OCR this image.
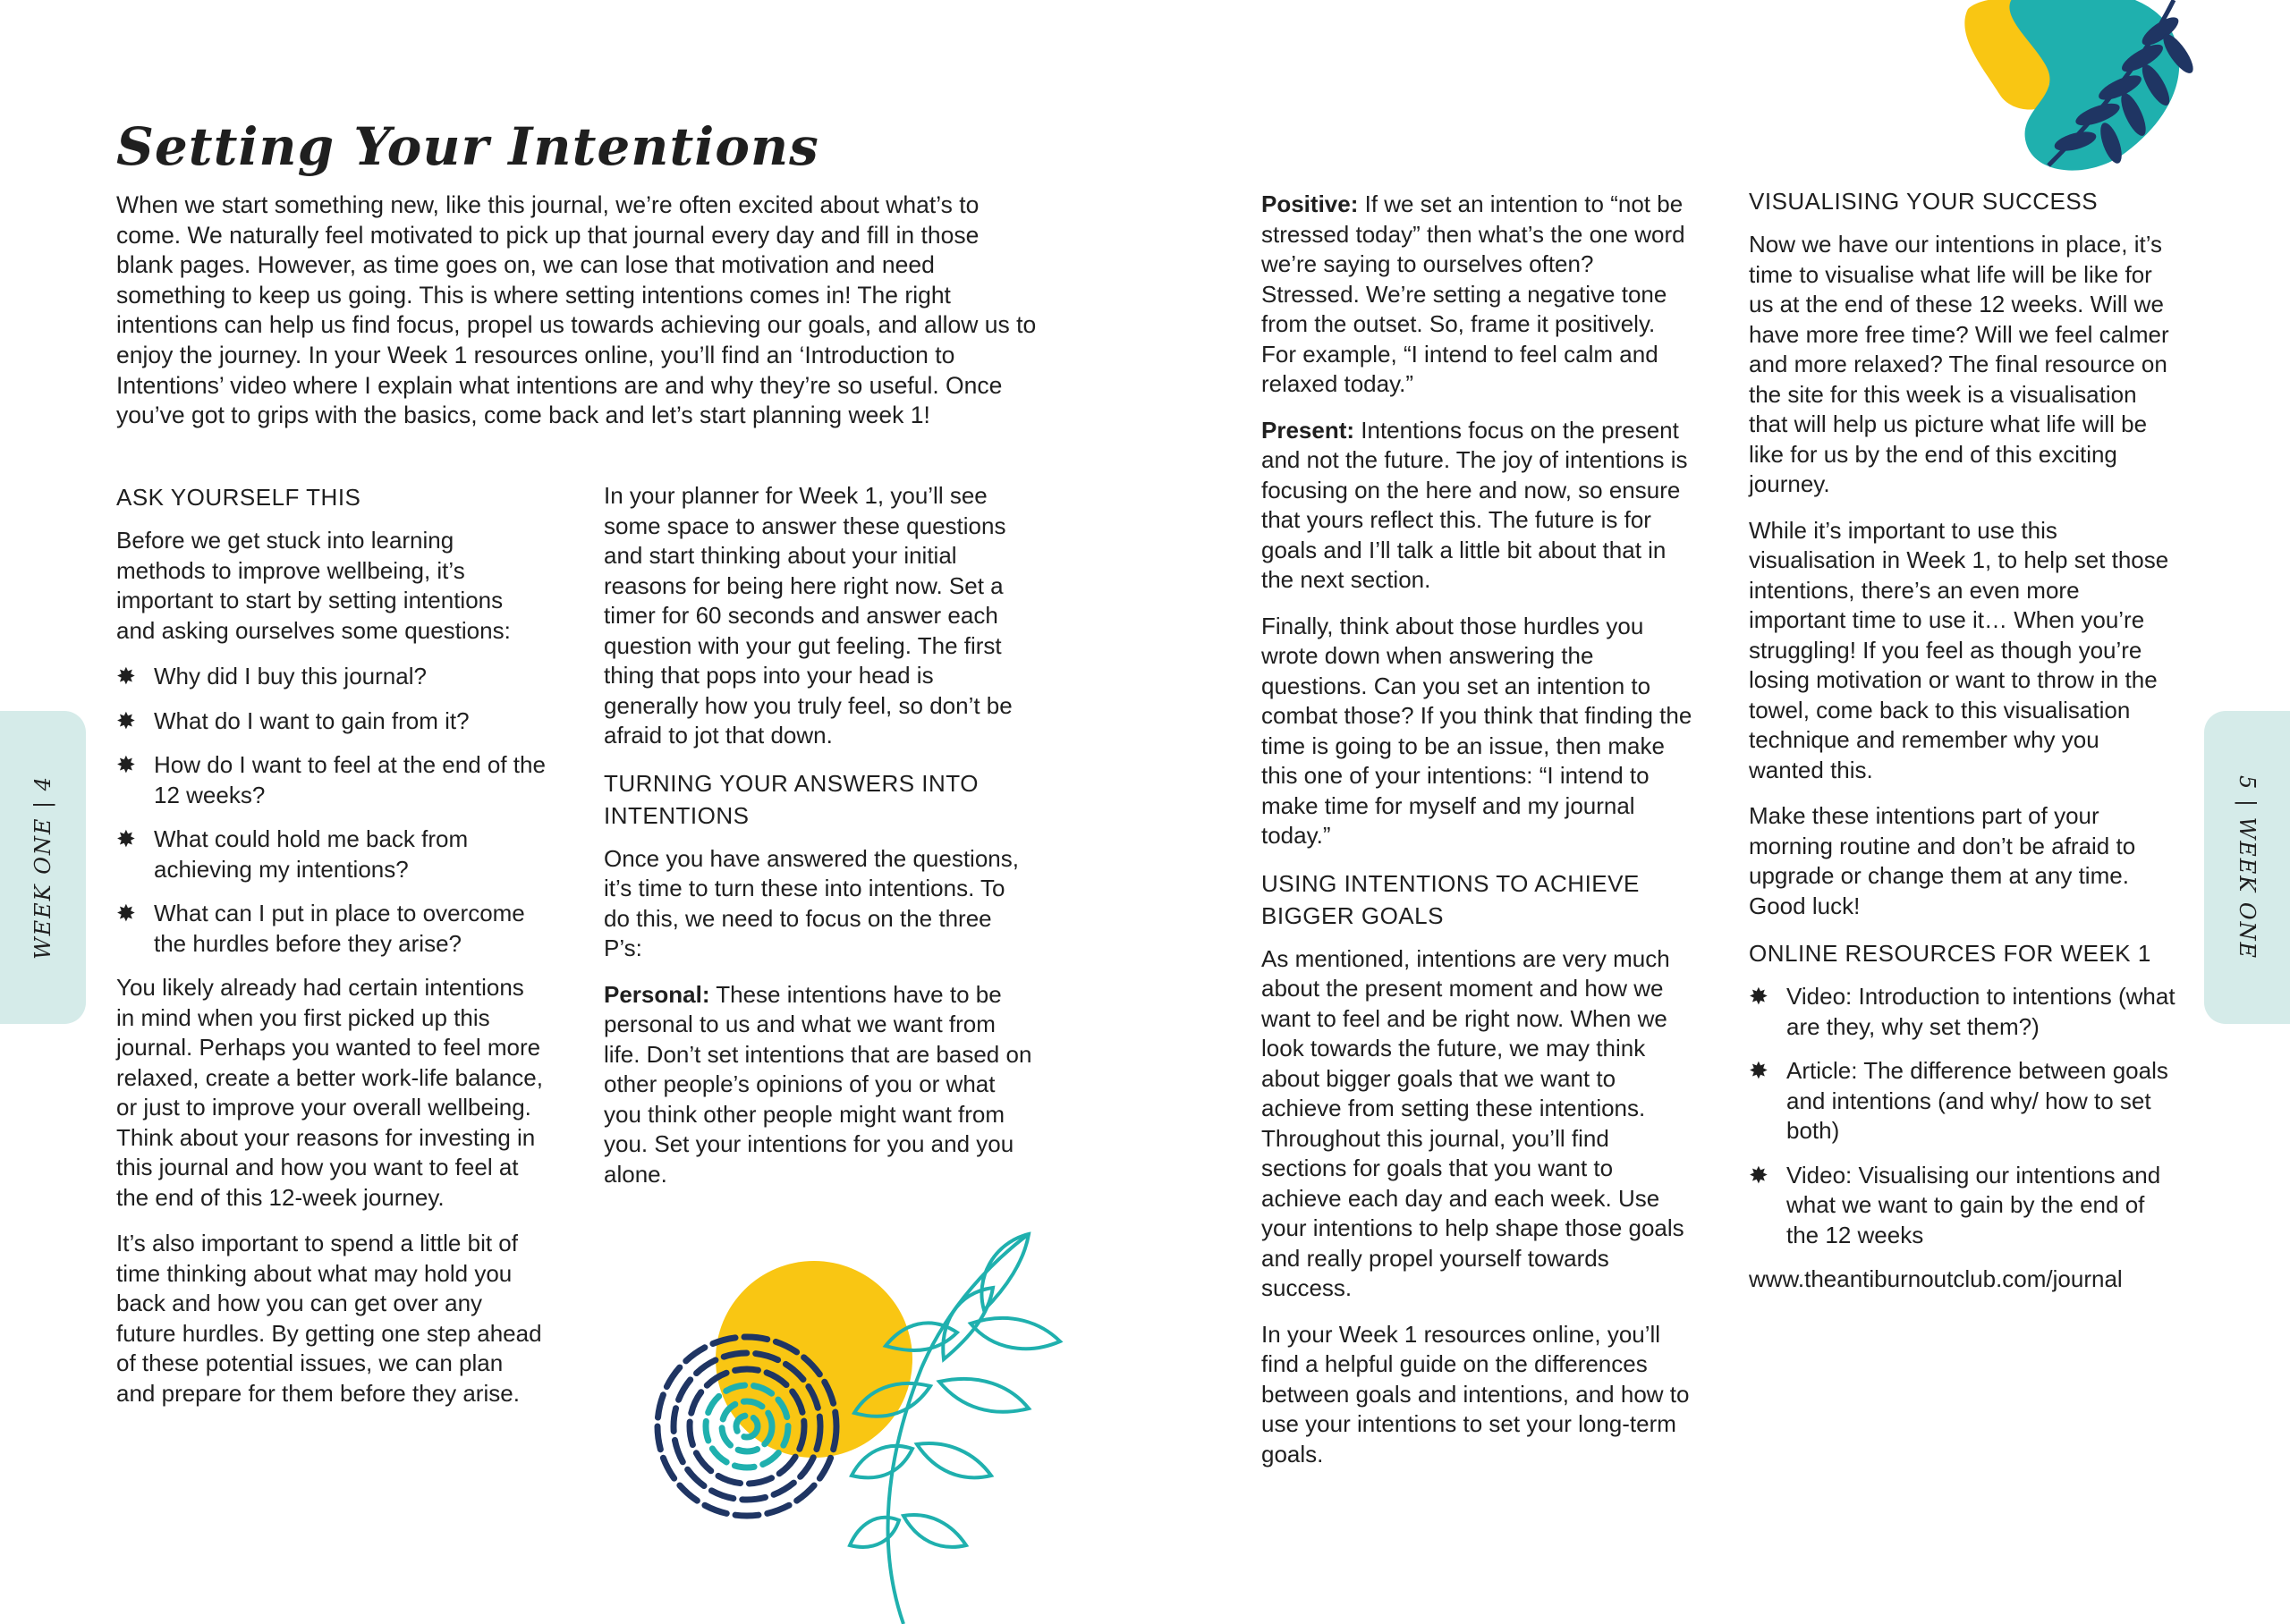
Setting Your Intentions

When we start something new, like this journal, we’re often excited about what’s to come. We naturally feel motivated to pick up that journal every day and fill in those blank pages. However, as time goes on, we can lose that motivation and need something to keep us going. This is where setting intentions comes in! The right intentions can help us find focus, propel us towards achieving our goals, and allow us to enjoy the journey. In your Week 1 resources online, you’ll find an ‘Introduction to Intentions’ video where I explain what intentions are and why they’re so useful. Once you’ve got to grips with the basics, come back and let’s start planning week 1!

ASK YOURSELF THIS

Before we get stuck into learning methods to improve wellbeing, it’s important to start by setting intentions and asking ourselves some questions:

✸ Why did I buy this journal?
✸ What do I want to gain from it?
✸ How do I want to feel at the end of the 12 weeks?
✸ What could hold me back from achieving my intentions?
✸ What can I put in place to overcome the hurdles before they arise?

You likely already had certain intentions in mind when you first picked up this journal. Perhaps you wanted to feel more relaxed, create a better work-life balance, or just to improve your overall wellbeing. Think about your reasons for investing in this journal and how you want to feel at the end of this 12-week journey.

It’s also important to spend a little bit of time thinking about what may hold you back and how you can get over any future hurdles. By getting one step ahead of these potential issues, we can plan and prepare for them before they arise.

In your planner for Week 1, you’ll see some space to answer these questions and start thinking about your initial reasons for being here right now. Set a timer for 60 seconds and answer each question with your gut feeling. The first thing that pops into your head is generally how you truly feel, so don’t be afraid to jot that down.

TURNING YOUR ANSWERS INTO INTENTIONS

Once you have answered the questions, it’s time to turn these into intentions. To do this, we need to focus on the three P’s:

Personal: These intentions have to be personal to us and what we want from life. Don’t set intentions that are based on other people’s opinions of you or what you think other people might want from you. Set your intentions for you and you alone.

Positive: If we set an intention to “not be stressed today” then what’s the one word we’re saying to ourselves often? Stressed. We’re setting a negative tone from the outset. So, frame it positively. For example, “I intend to feel calm and relaxed today.”

Present: Intentions focus on the present and not the future. The joy of intentions is focusing on the here and now, so ensure that yours reflect this. The future is for goals and I’ll talk a little bit about that in the next section.

Finally, think about those hurdles you wrote down when answering the questions. Can you set an intention to combat those? If you think that finding the time is going to be an issue, then make this one of your intentions: “I intend to make time for myself and my journal today.”

USING INTENTIONS TO ACHIEVE BIGGER GOALS

As mentioned, intentions are very much about the present moment and how we want to feel and be right now. When we look towards the future, we may think about bigger goals that we want to achieve from setting these intentions. Throughout this journal, you’ll find sections for goals that you want to achieve each day and each week. Use your intentions to help shape those goals and really propel yourself towards success.

In your Week 1 resources online, you’ll find a helpful guide on the differences between goals and intentions, and how to use your intentions to set your long-term goals.

VISUALISING YOUR SUCCESS

Now we have our intentions in place, it’s time to visualise what life will be like for us at the end of these 12 weeks. Will we have more free time? Will we feel calmer and more relaxed? The final resource on the site for this week is a visualisation that will help us picture what life will be like for us by the end of this exciting journey.

While it’s important to use this visualisation in Week 1, to help set those intentions, there’s an even more important time to use it… When you’re struggling! If you feel as though you’re losing motivation or want to throw in the towel, come back to this visualisation technique and remember why you wanted this.

Make these intentions part of your morning routine and don’t be afraid to upgrade or change them at any time. Good luck!

ONLINE RESOURCES FOR WEEK 1
✸ Video: Introduction to intentions (what are they, why set them?)
✸ Article: The difference between goals and intentions (and why/ how to set both)
✸ Video: Visualising our intentions and what we want to gain by the end of the 12 weeks

www.theantiburnoutclub.com/journal

WEEK ONE | 4	5 | WEEK ONE
